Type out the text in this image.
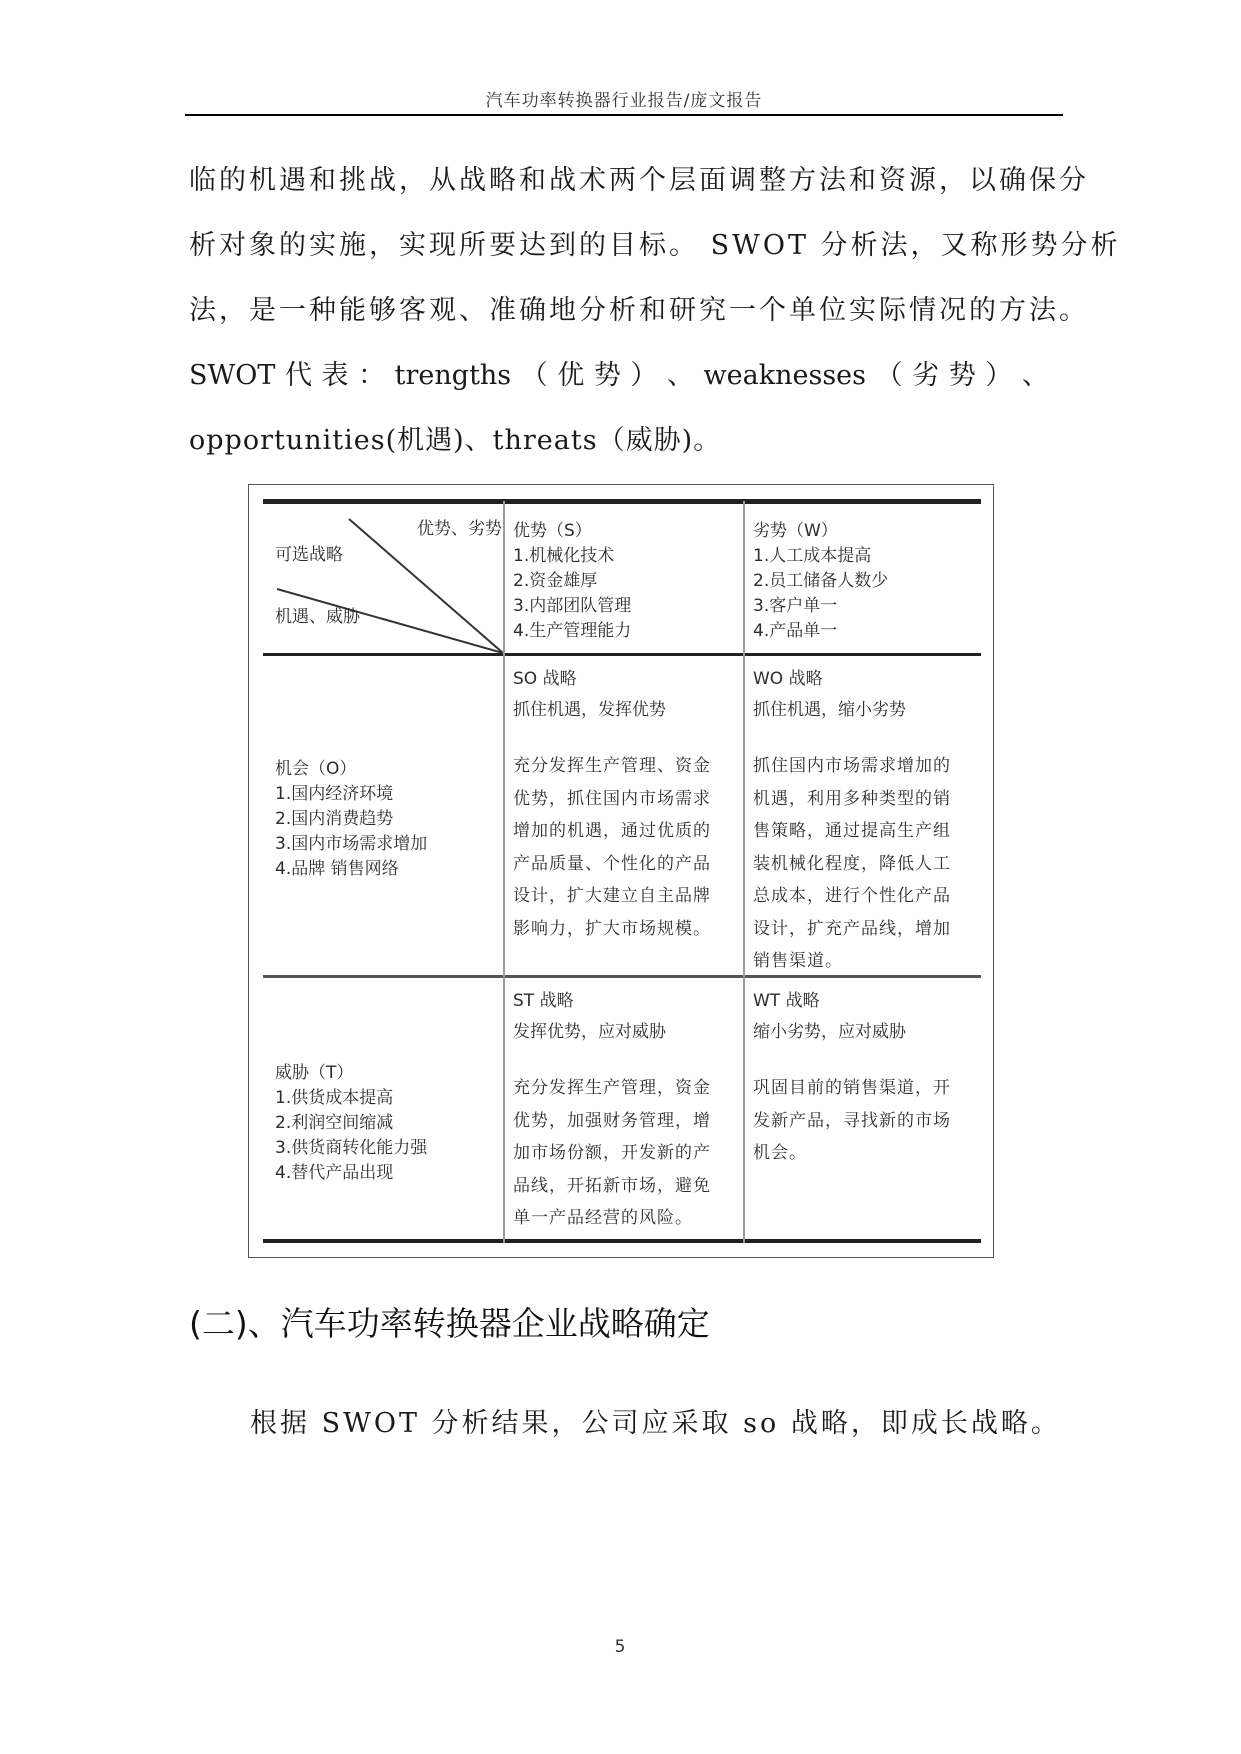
汽车功率转换器行业报告/庞文报告
临的机遇和挑战，从战略和战术两个层面调整方法和资源，以确保分
析对象的实施，实现所要达到的目标。 SWOT 分析法，又称形势分析
法，是一种能够客观、准确地分析和研究一个单位实际情况的方法。
SWOT 代 表 ： trengths （ 优 势 ） 、 weaknesses （ 劣 势 ） 、
opportunities(机遇)、threats（威胁)。
优势、劣势
可选战略
机遇、威胁
优势（S）
1.机械化技术
2.资金雄厚
3.内部团队管理
4.生产管理能力
劣势（W）
1.人工成本提高
2.员工储备人数少
3.客户单一
4.产品单一
机会（O）
1.国内经济环境
2.国内消费趋势
3.国内市场需求增加
4.品牌 销售网络
SO 战略
抓住机遇，发挥优势
充分发挥生产管理、资金优势，抓住国内市场需求增加的机遇，通过优质的产品质量、个性化的产品设计，扩大建立自主品牌影响力，扩大市场规模。
WO 战略
抓住机遇，缩小劣势
抓住国内市场需求增加的机遇，利用多种类型的销售策略，通过提高生产组装机械化程度，降低人工总成本，进行个性化产品设计，扩充产品线，增加销售渠道。
威胁（T）
1.供货成本提高
2.利润空间缩减
3.供货商转化能力强
4.替代产品出现
ST 战略
发挥优势，应对威胁
充分发挥生产管理，资金优势，加强财务管理，增加市场份额，开发新的产品线，开拓新市场，避免单一产品经营的风险。
WT 战略
缩小劣势，应对威胁
巩固目前的销售渠道，开发新产品，寻找新的市场机会。
(二)、汽车功率转换器企业战略确定
根据 SWOT 分析结果，公司应采取 so 战略，即成长战略。
5
